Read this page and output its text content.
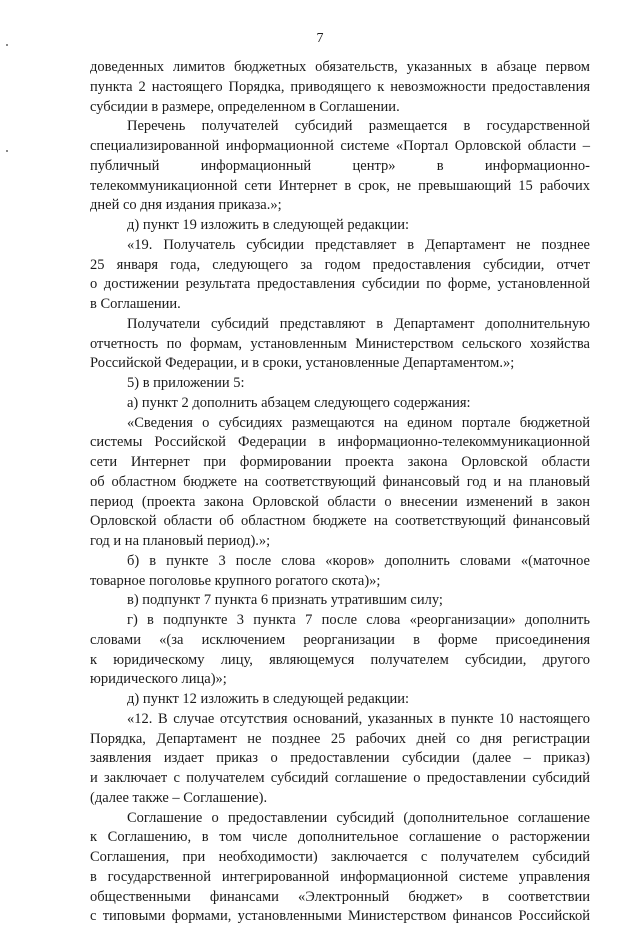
7
доведенных лимитов бюджетных обязательств, указанных в абзаце первом
пункта 2 настоящего Порядка, приводящего к невозможности предоставления
субсидии в размере, определенном в Соглашении.
Перечень получателей субсидий размещается в государственной
специализированной информационной системе «Портал Орловской области –
публичный информационный центр» в информационно-
телекоммуникационной сети Интернет в срок, не превышающий 15 рабочих
дней со дня издания приказа.»;
д) пункт 19 изложить в следующей редакции:
«19. Получатель субсидии представляет в Департамент не позднее
25 января года, следующего за годом предоставления субсидии, отчет
о достижении результата предоставления субсидии по форме, установленной
в Соглашении.
Получатели субсидий представляют в Департамент дополнительную
отчетность по формам, установленным Министерством сельского хозяйства
Российской Федерации, и в сроки, установленные Департаментом.»;
5) в приложении 5:
а) пункт 2 дополнить абзацем следующего содержания:
«Сведения о субсидиях размещаются на едином портале бюджетной
системы Российской Федерации в информационно-телекоммуникационной
сети Интернет при формировании проекта закона Орловской области
об областном бюджете на соответствующий финансовый год и на плановый
период (проекта закона Орловской области о внесении изменений в закон
Орловской области об областном бюджете на соответствующий финансовый
год и на плановый период).»;
б) в пункте 3 после слова «коров» дополнить словами «(маточное
товарное поголовье крупного рогатого скота)»;
в) подпункт 7 пункта 6 признать утратившим силу;
г) в подпункте 3 пункта 7 после слова «реорганизации» дополнить
словами «(за исключением реорганизации в форме присоединения
к юридическому лицу, являющемуся получателем субсидии, другого
юридического лица)»;
д) пункт 12 изложить в следующей редакции:
«12. В случае отсутствия оснований, указанных в пункте 10 настоящего
Порядка, Департамент не позднее 25 рабочих дней со дня регистрации
заявления издает приказ о предоставлении субсидии (далее – приказ)
и заключает с получателем субсидий соглашение о предоставлении субсидий
(далее также – Соглашение).
Соглашение о предоставлении субсидий (дополнительное соглашение
к Соглашению, в том числе дополнительное соглашение о расторжении
Соглашения, при необходимости) заключается с получателем субсидий
в государственной интегрированной информационной системе управления
общественными финансами «Электронный бюджет» в соответствии
с типовыми формами, установленными Министерством финансов Российской
